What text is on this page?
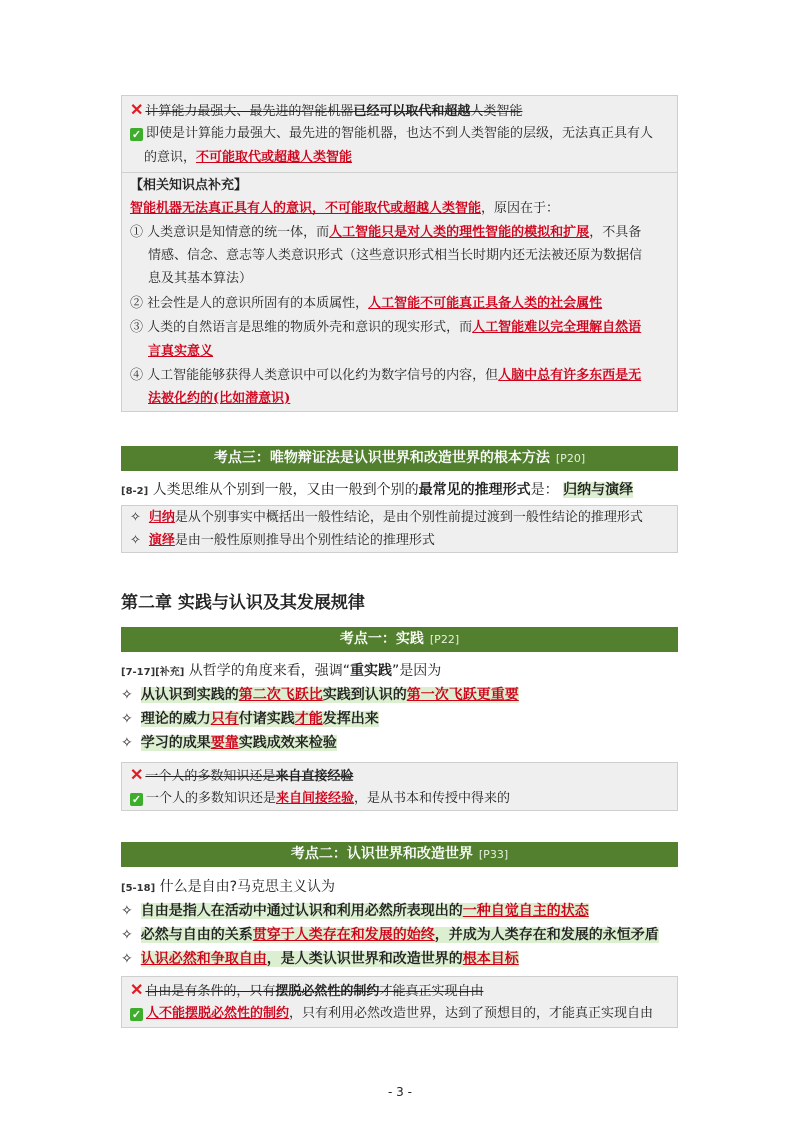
✕ 计算能力最强大、最先进的智能机器已经可以取代和超越人类智能
✓ 即使是计算能力最强大、最先进的智能机器，也达不到人类智能的层级，无法真正具有人
的意识，不可能取代或超越人类智能
【相关知识点补充】
智能机器无法真正具有人的意识，不可能取代或超越人类智能，原因在于：
① 人类意识是知情意的统一体，而人工智能只是对人类的理性智能的模拟和扩展，不具备
情感、信念、意志等人类意识形式（这些意识形式相当长时期内还无法被还原为数据信
息及其基本算法）
② 社会性是人的意识所固有的本质属性，人工智能不可能真正具备人类的社会属性
③ 人类的自然语言是思维的物质外壳和意识的现实形式，而人工智能难以完全理解自然语
言真实意义
④ 人工智能能够获得人类意识中可以化约为数字信号的内容，但人脑中总有许多东西是无
法被化约的(比如潜意识)
考点三：唯物辩证法是认识世界和改造世界的根本方法 [P20]
[8-2] 人类思维从个别到一般，又由一般到个别的最常见的推理形式是： 归纳与演绎
✧ 归纳是从个别事实中概括出一般性结论，是由个别性前提过渡到一般性结论的推理形式
✧ 演绎是由一般性原则推导出个别性结论的推理形式
第二章 实践与认识及其发展规律
考点一：实践 [P22]
[7-17][补充] 从哲学的角度来看，强调“重实践”是因为
✧ 从认识到实践的第二次飞跃比实践到认识的第一次飞跃更重要
✧ 理论的威力只有付诸实践才能发挥出来
✧ 学习的成果要靠实践成效来检验
✕ 一个人的多数知识还是来自直接经验
✓ 一个人的多数知识还是来自间接经验，是从书本和传授中得来的
考点二：认识世界和改造世界 [P33]
[5-18] 什么是自由?马克思主义认为
✧ 自由是指人在活动中通过认识和利用必然所表现出的一种自觉自主的状态
✧ 必然与自由的关系贯穿于人类存在和发展的始终，并成为人类存在和发展的永恒矛盾
✧ 认识必然和争取自由，是人类认识世界和改造世界的根本目标
✕ 自由是有条件的，只有摆脱必然性的制约才能真正实现自由
✓ 人不能摆脱必然性的制约，只有利用必然改造世界，达到了预想目的，才能真正实现自由
- 3 -
